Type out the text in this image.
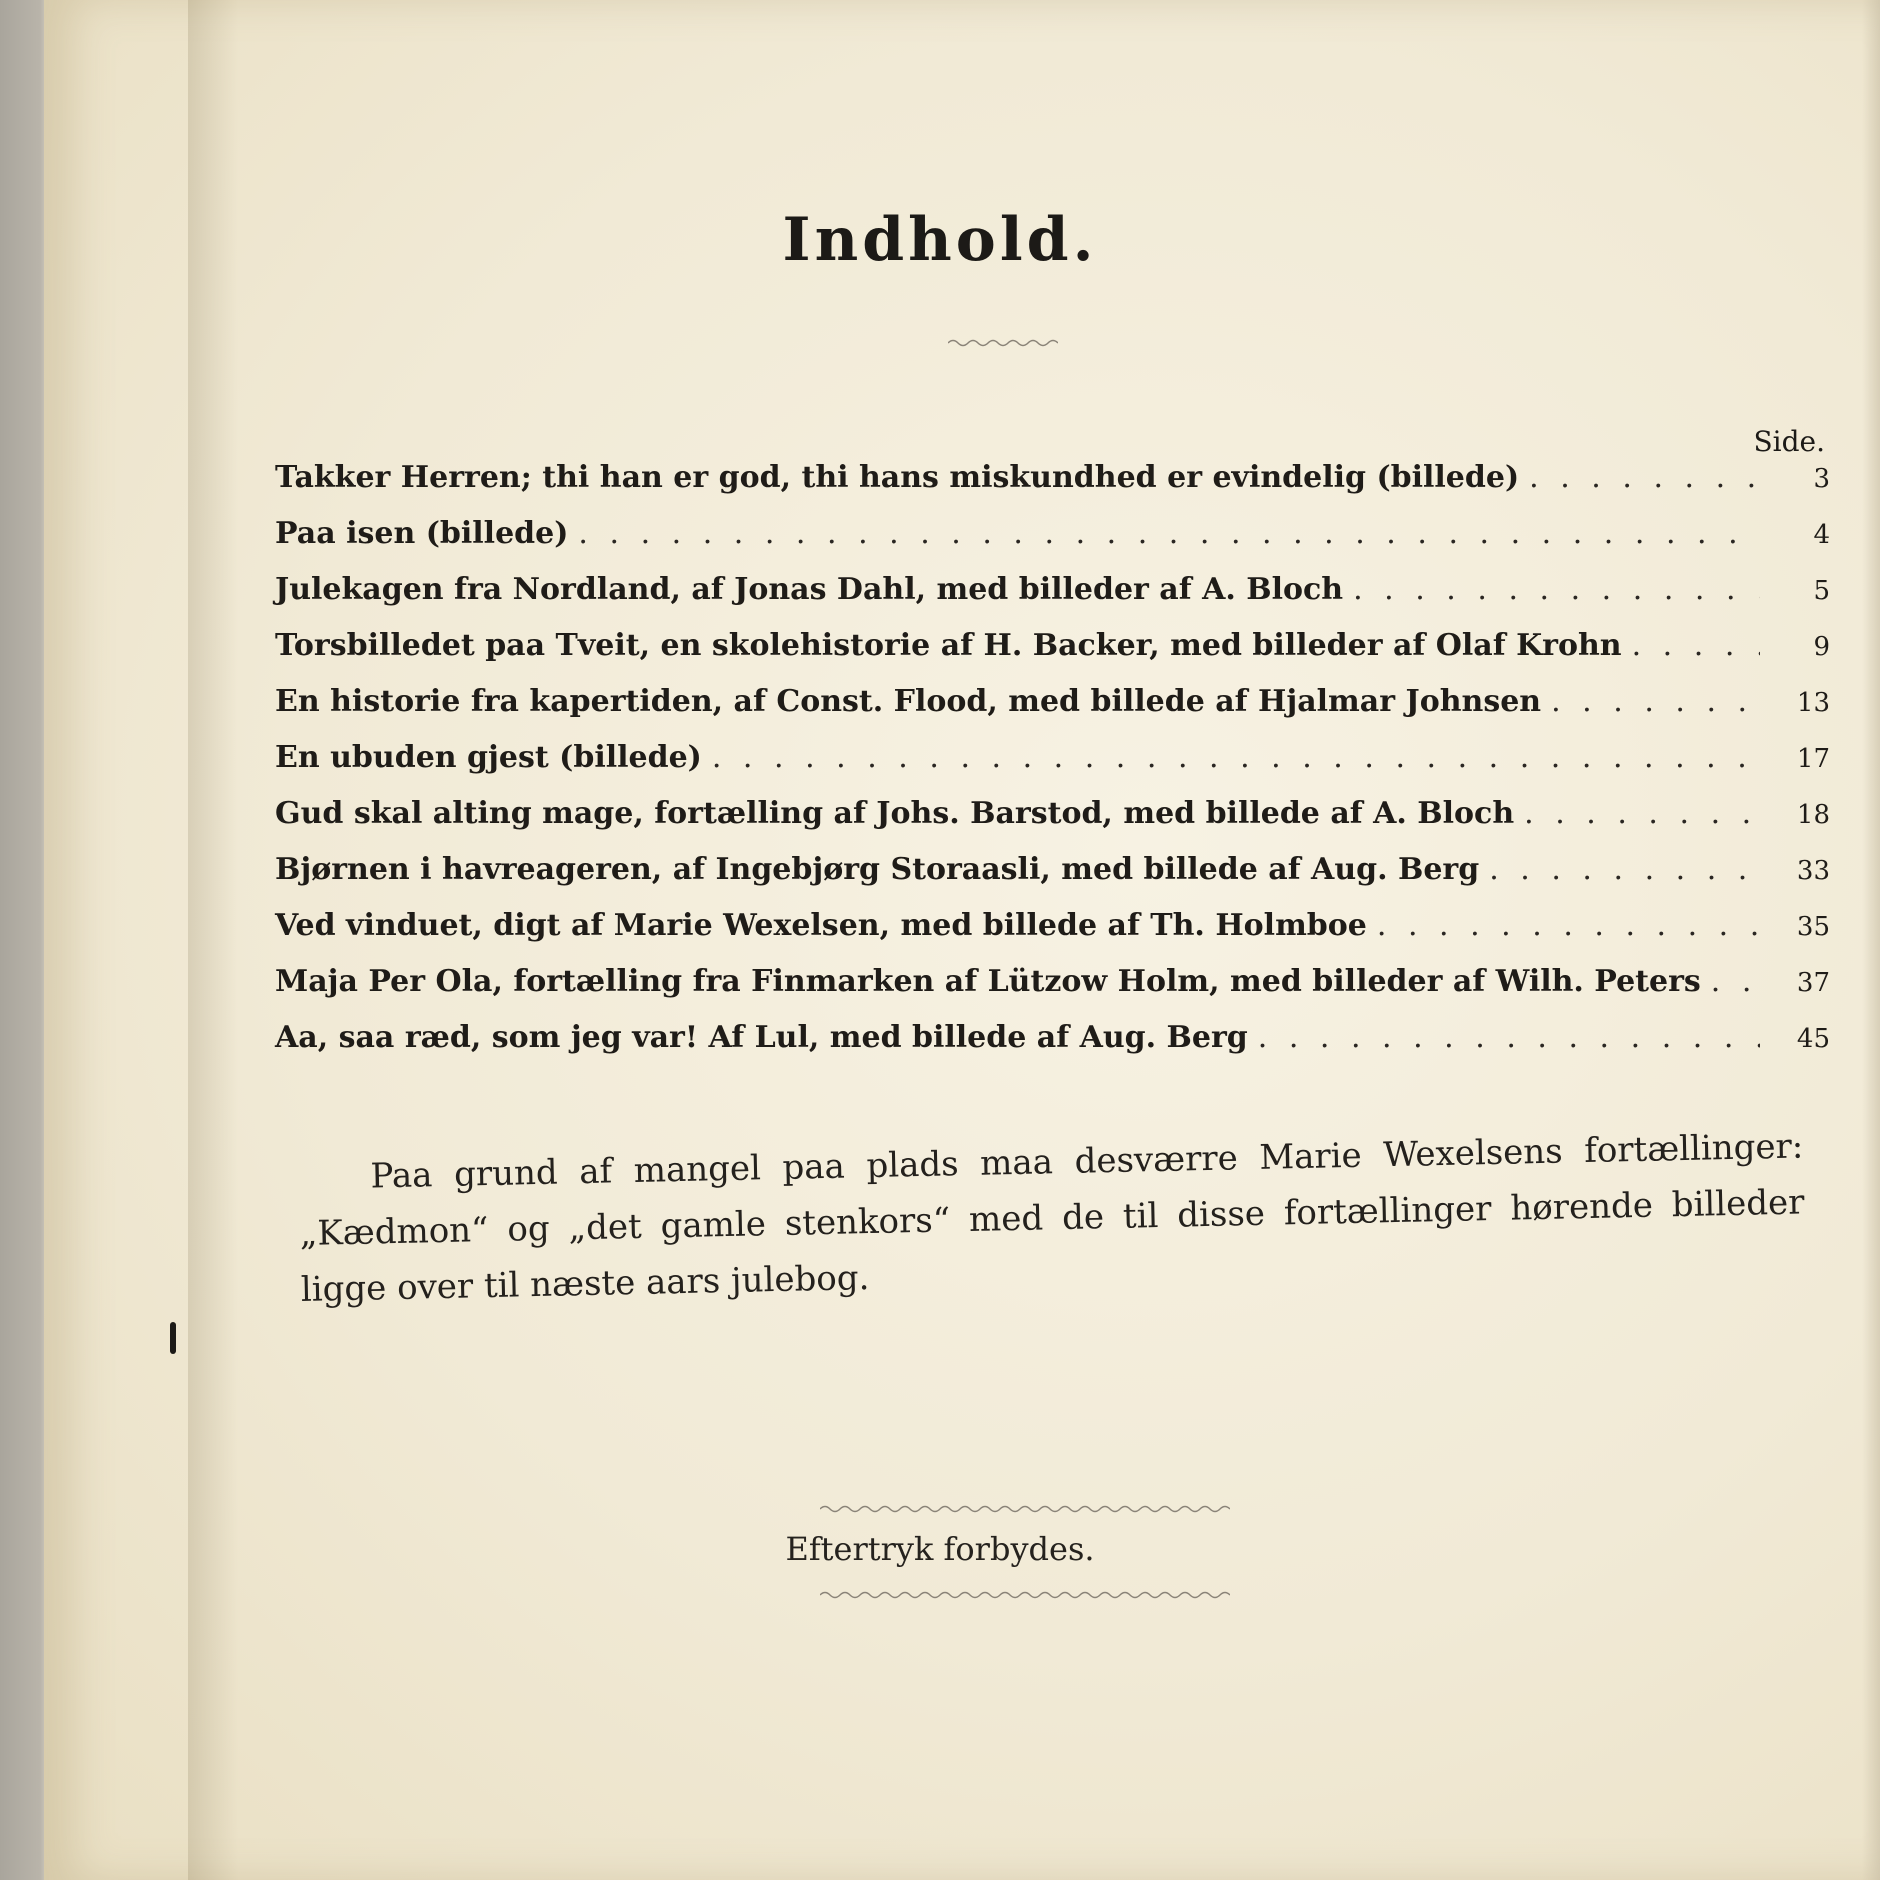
Indhold.
Side.
Takker Herren; thi han er god, thi hans miskundhed er evindelig (billede) . . .	3
Paa isen (billede) . . .	4
Julekagen fra Nordland, af Jonas Dahl, med billeder af A. Bloch . . .	5
Torsbilledet paa Tveit, en skolehistorie af H. Backer, med billeder af Olaf Krohn . . .	9
En historie fra kapertiden, af Const. Flood, med billede af Hjalmar Johnsen . . .	13
En ubuden gjest (billede) . . .	17
Gud skal alting mage, fortælling af Johs. Barstod, med billede af A. Bloch . . .	18
Bjørnen i havreageren, af Ingebjørg Storaasli, med billede af Aug. Berg . . .	33
Ved vinduet, digt af Marie Wexelsen, med billede af Th. Holmboe . . .	35
Maja Per Ola, fortælling fra Finmarken af Lützow Holm, med billeder af Wilh. Peters . . .	37
Aa, saa ræd, som jeg var! Af Lul, med billede af Aug. Berg . . .	45

Paa grund af mangel paa plads maa desværre Marie Wexelsens fortællinger: „Kædmon“ og „det gamle stenkors“ med de til disse fortællinger hørende billeder ligge over til næste aars julebog.

Eftertryk forbydes.
